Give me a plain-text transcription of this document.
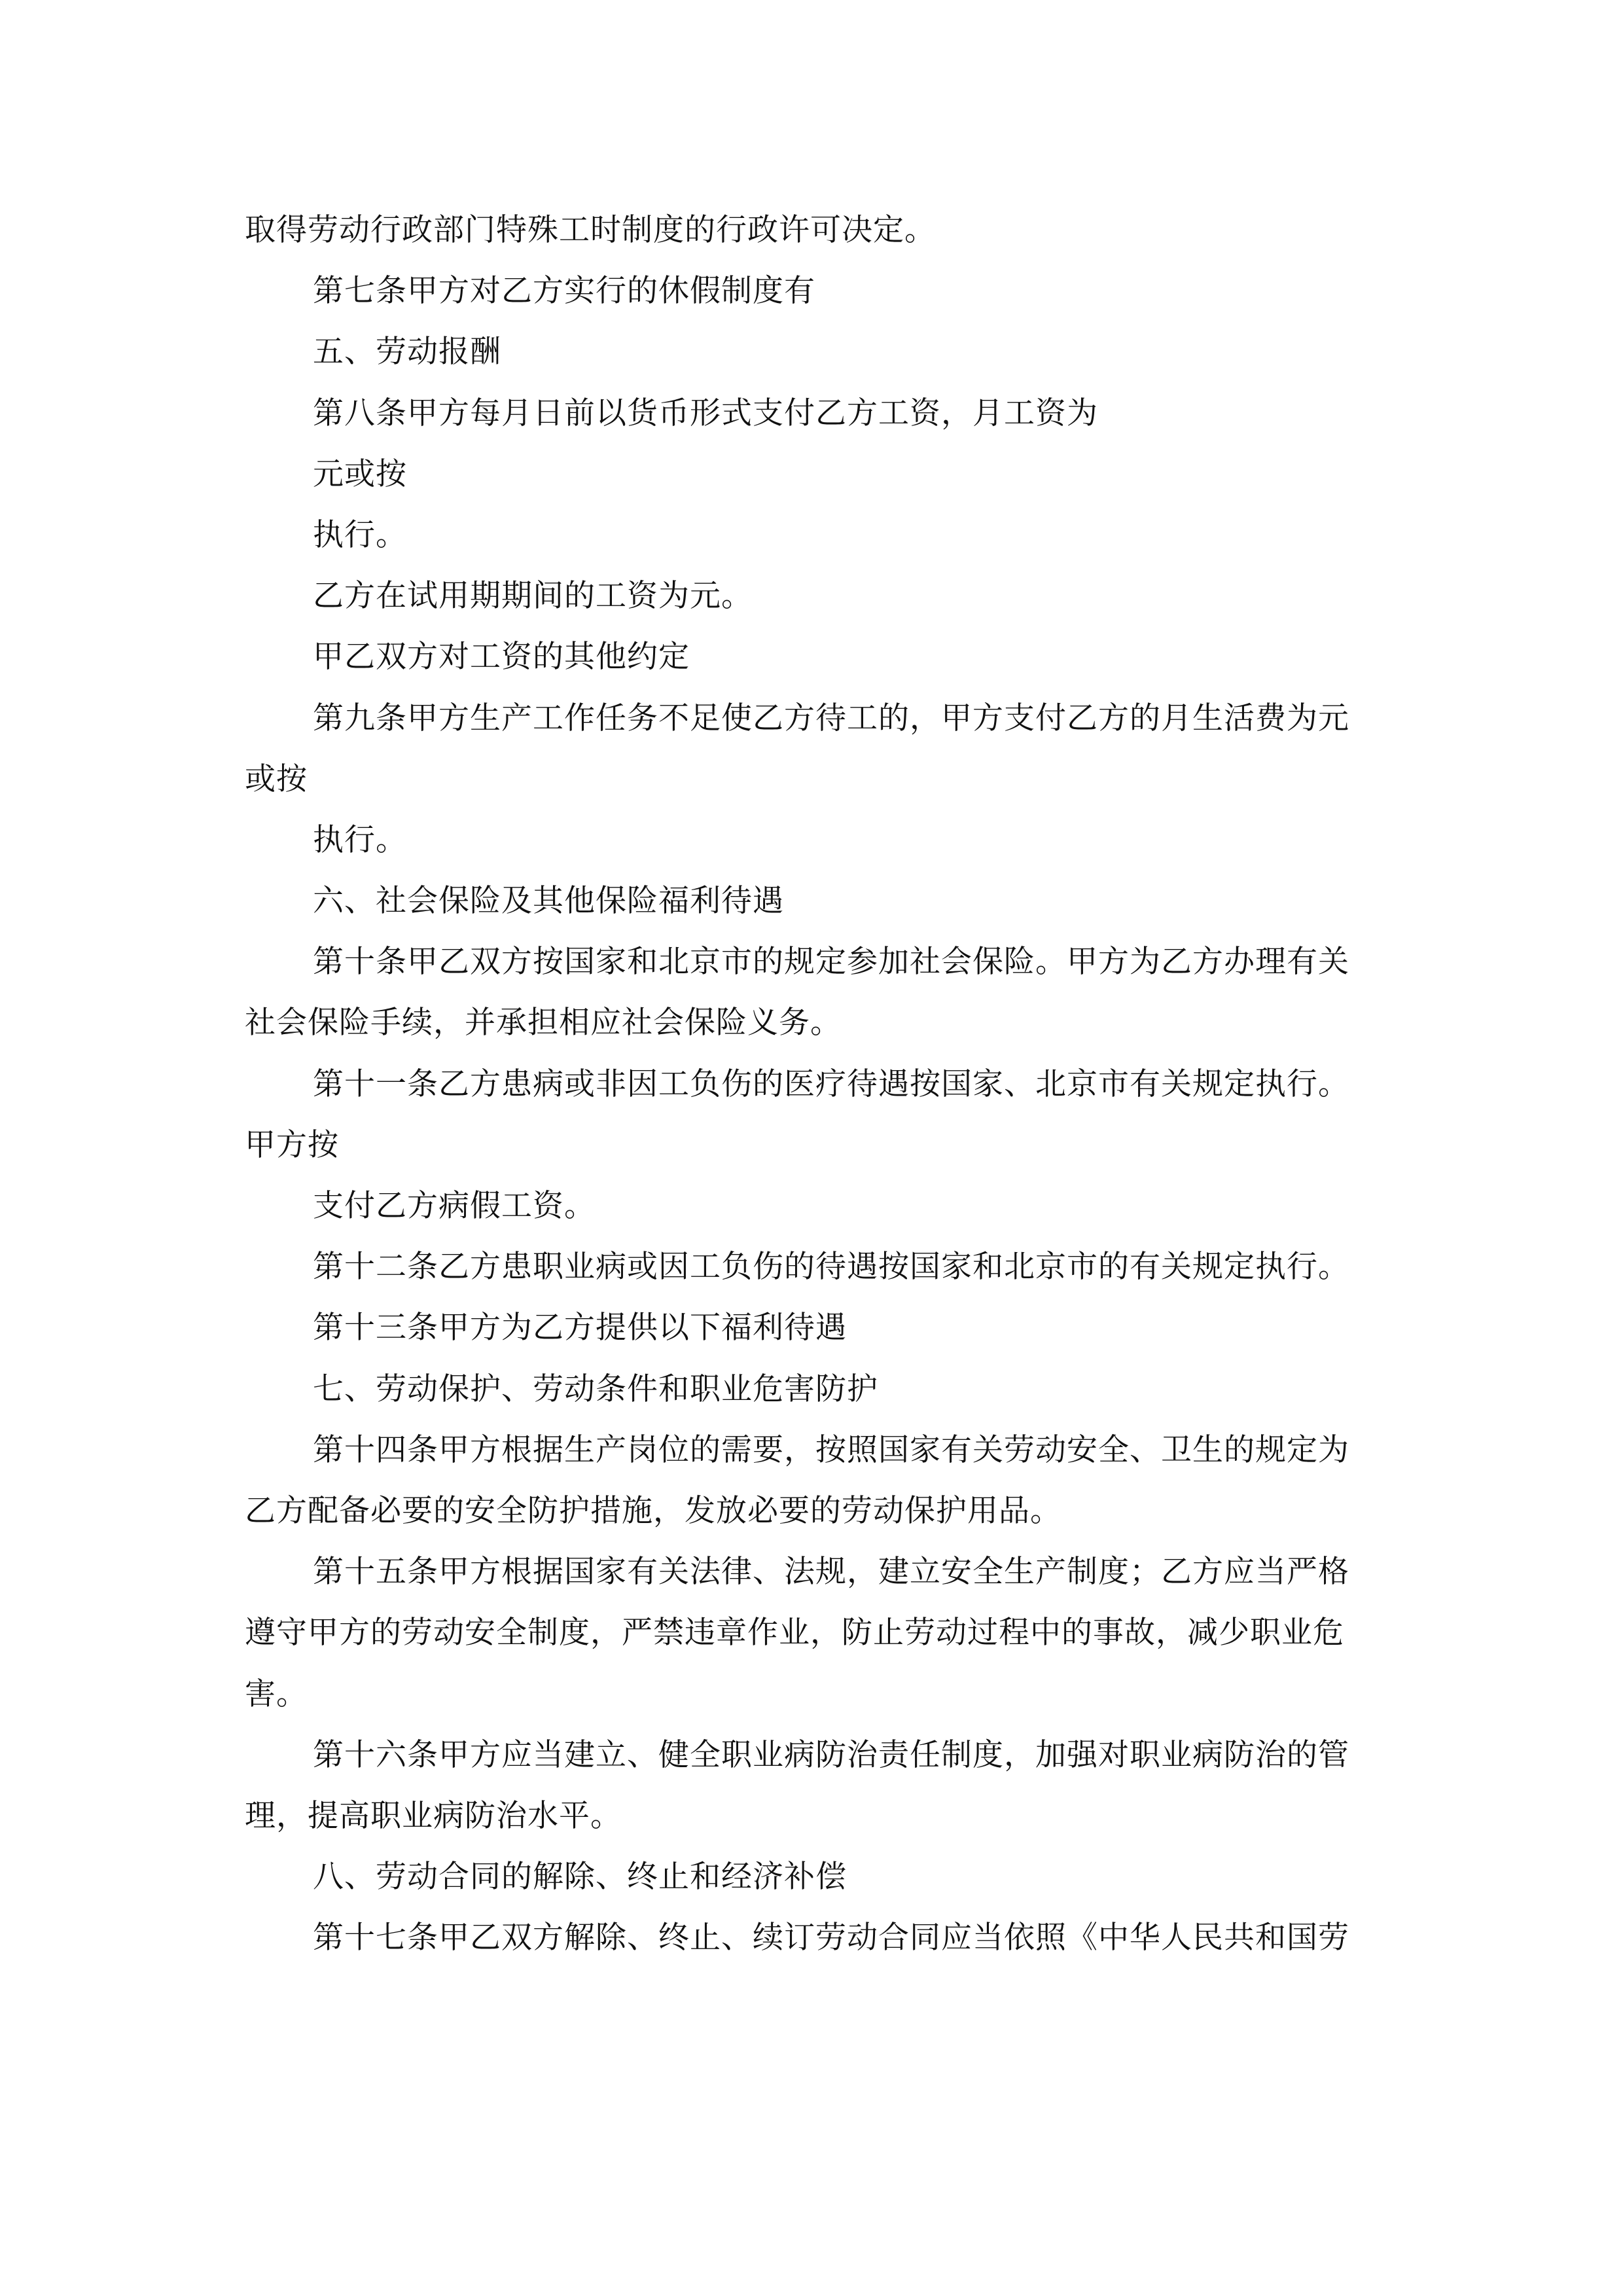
取得劳动行政部门特殊工时制度的行政许可决定。
第七条甲方对乙方实行的休假制度有
五、劳动报酬
第八条甲方每月日前以货币形式支付乙方工资，月工资为
元或按
执行。
乙方在试用期期间的工资为元。
甲乙双方对工资的其他约定
第九条甲方生产工作任务不足使乙方待工的，甲方支付乙方的月生活费为元
或按
执行。
六、社会保险及其他保险福利待遇
第十条甲乙双方按国家和北京市的规定参加社会保险。甲方为乙方办理有关
社会保险手续，并承担相应社会保险义务。
第十一条乙方患病或非因工负伤的医疗待遇按国家、北京市有关规定执行。
甲方按
支付乙方病假工资。
第十二条乙方患职业病或因工负伤的待遇按国家和北京市的有关规定执行。
第十三条甲方为乙方提供以下福利待遇
七、劳动保护、劳动条件和职业危害防护
第十四条甲方根据生产岗位的需要，按照国家有关劳动安全、卫生的规定为
乙方配备必要的安全防护措施，发放必要的劳动保护用品。
第十五条甲方根据国家有关法律、法规，建立安全生产制度；乙方应当严格
遵守甲方的劳动安全制度，严禁违章作业，防止劳动过程中的事故，减少职业危
害。
第十六条甲方应当建立、健全职业病防治责任制度，加强对职业病防治的管
理，提高职业病防治水平。
八、劳动合同的解除、终止和经济补偿
第十七条甲乙双方解除、终止、续订劳动合同应当依照《中华人民共和国劳
